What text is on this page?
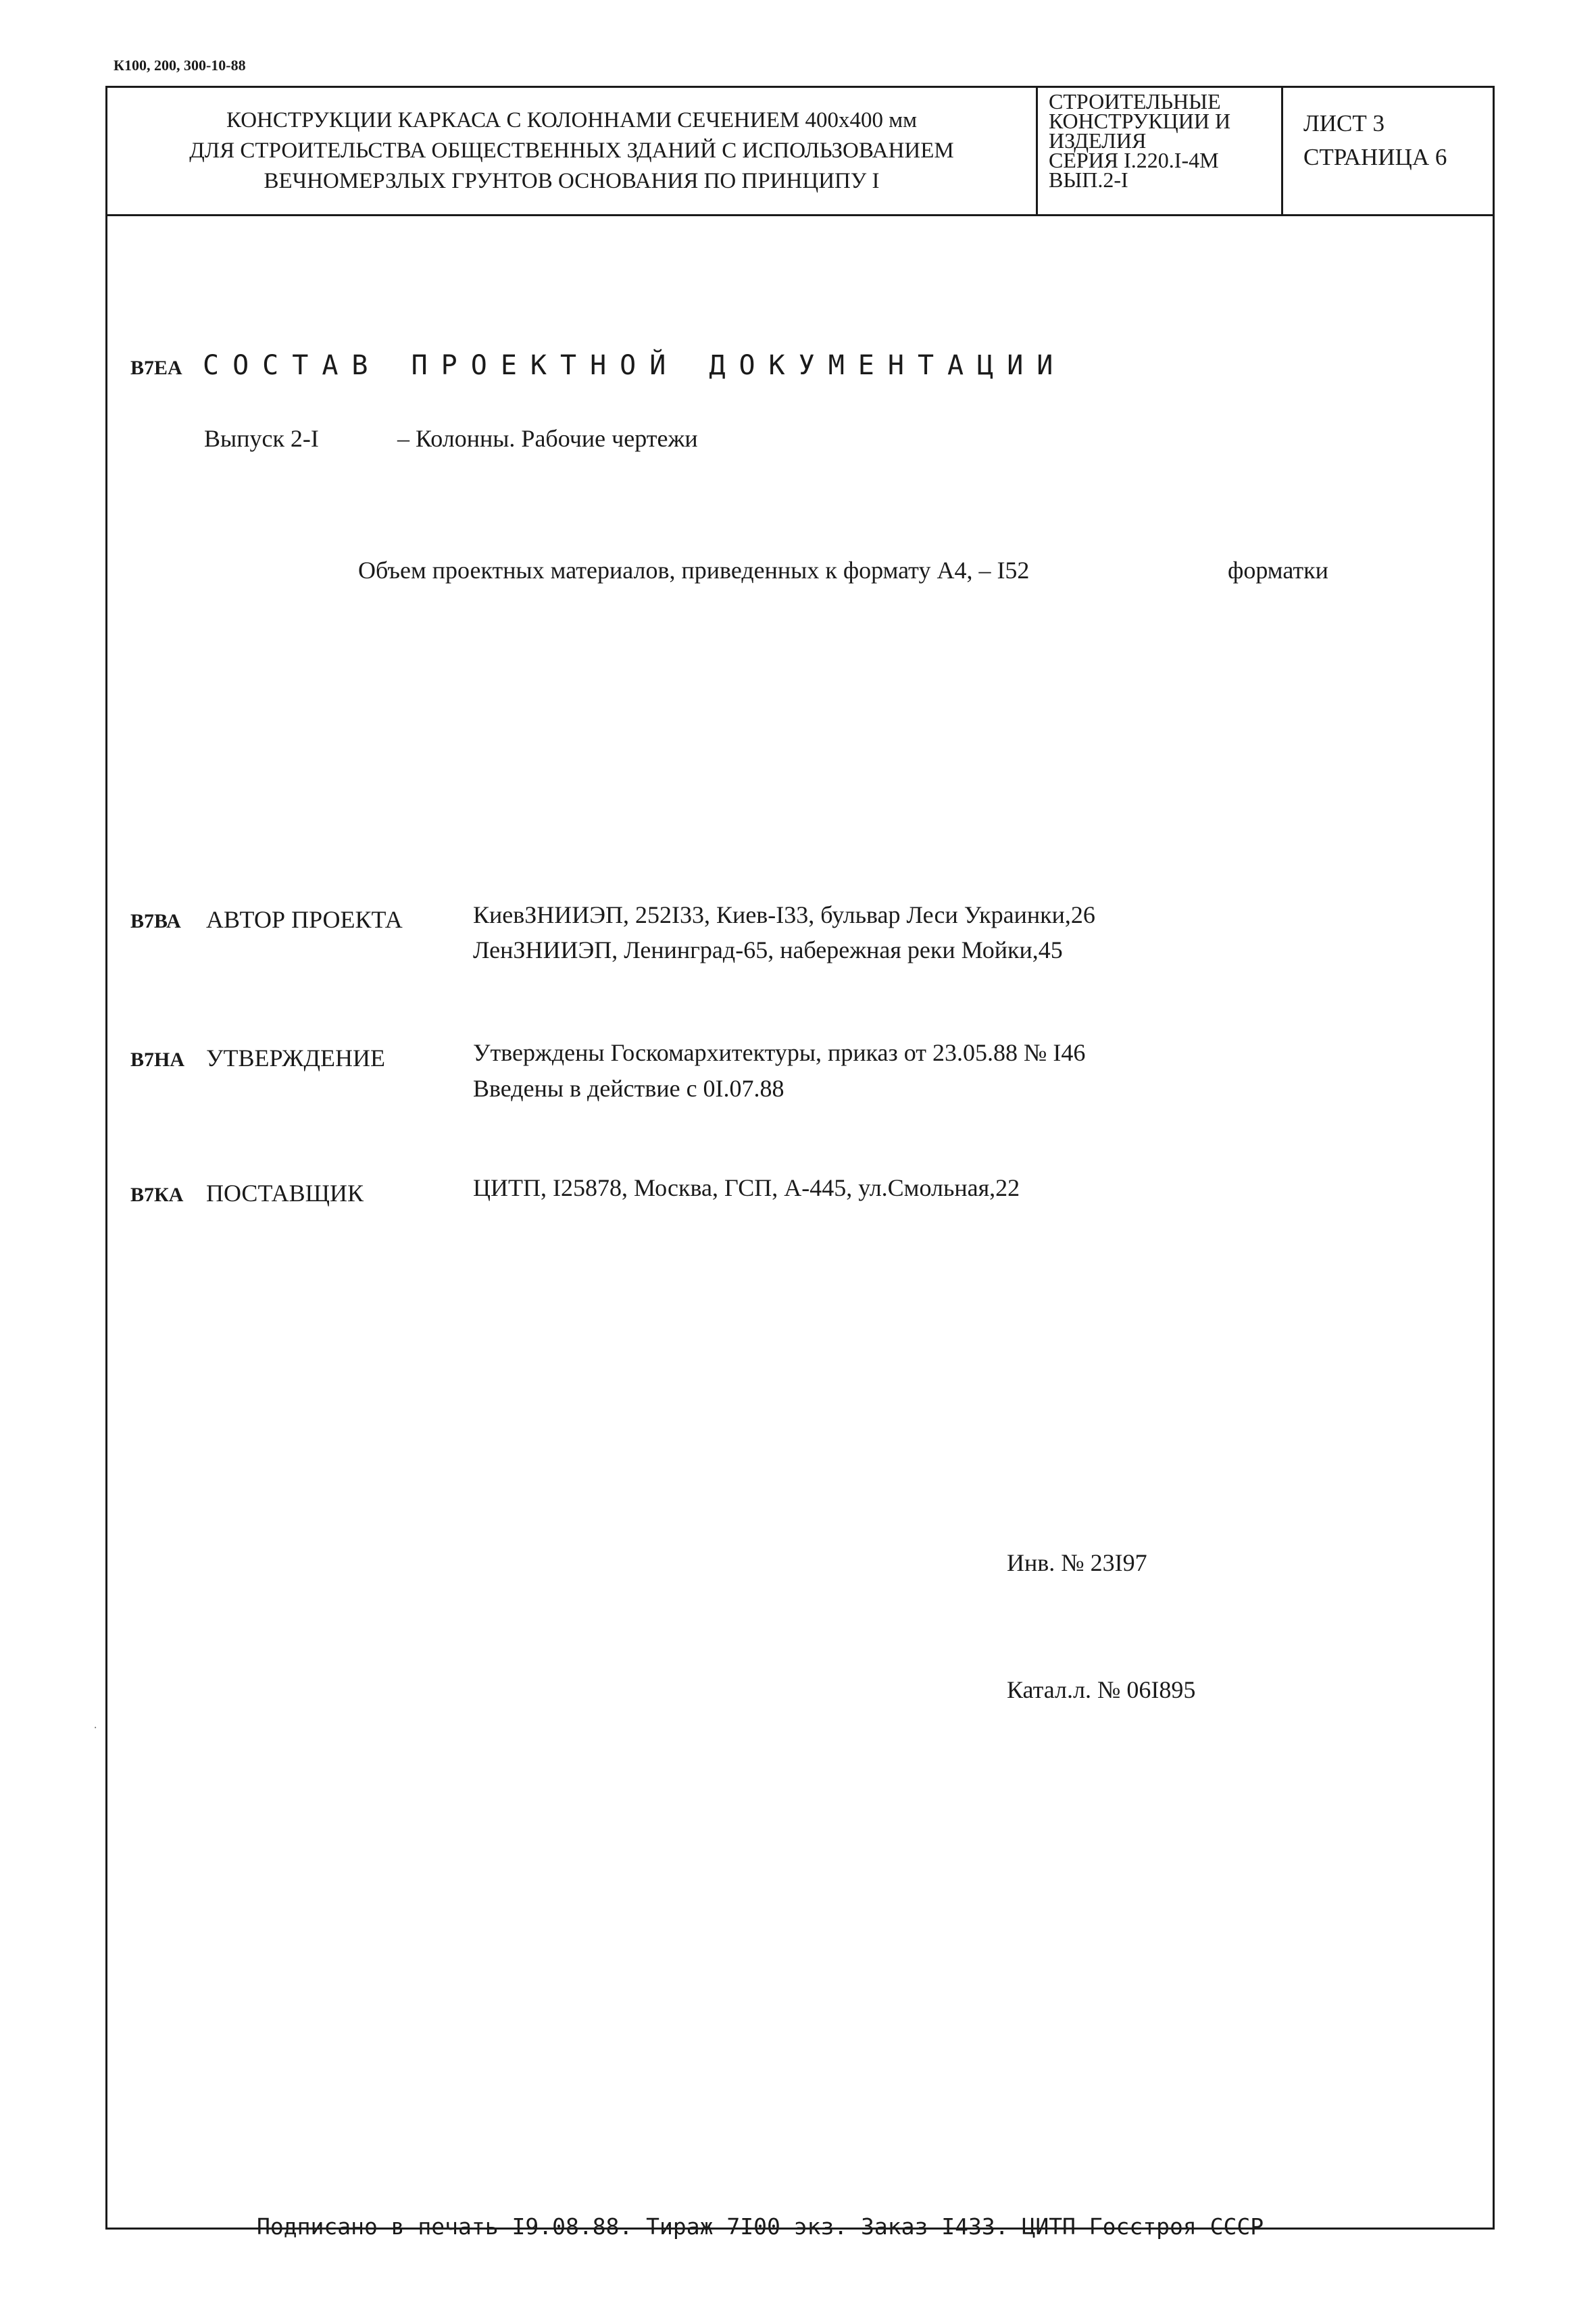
К100, 200, 300-10-88
КОНСТРУКЦИИ КАРКАСА С КОЛОННАМИ СЕЧЕНИЕМ 400х400 мм
ДЛЯ СТРОИТЕЛЬСТВА ОБЩЕСТВЕННЫХ ЗДАНИЙ С ИСПОЛЬЗОВАНИЕМ
ВЕЧНОМЕРЗЛЫХ ГРУНТОВ ОСНОВАНИЯ ПО ПРИНЦИПУ I
СТРОИТЕЛЬНЫЕ
КОНСТРУКЦИИ И
ИЗДЕЛИЯ
СЕРИЯ I.220.I-4М
ВЫП.2-I
ЛИСТ 3
СТРАНИЦА 6
В7ЕА СОСТАВ ПРОЕКТНОЙ ДОКУМЕНТАЦИИ
Выпуск 2-I	– Колонны. Рабочие чертежи
Объем проектных материалов, приведенных к формату А4, – I52	форматки
В7ВА АВТОР ПРОЕКТА	КиевЗНИИЭП, 252I33, Киев-I33, бульвар Леси Украинки,26
ЛенЗНИИЭП, Ленинград-65, набережная реки Мойки,45
В7НА УТВЕРЖДЕНИЕ	Утверждены Госкомархитектуры, приказ от 23.05.88 № I46
Введены в действие с 0I.07.88
В7КА ПОСТАВЩИК	ЦИТП, I25878, Москва, ГСП, А-445, ул.Смольная,22
Инв. № 23I97
Катал.л. № 06I895
·
Подписано в печать I9.08.88. Тираж 7I00 экз. Заказ I433. ЦИТП Госстроя СССР
